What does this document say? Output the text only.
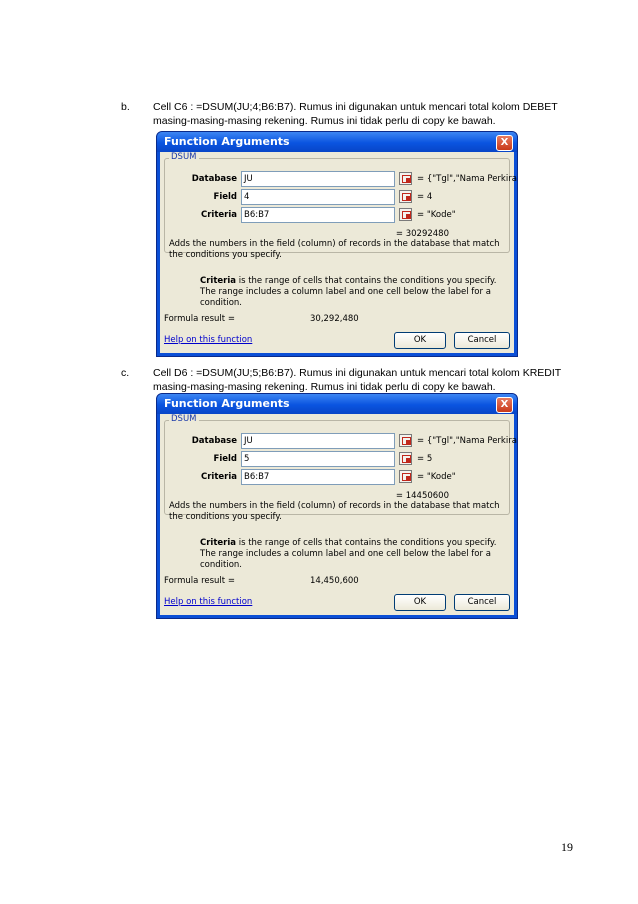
b. Cell C6 : =DSUM(JU;4;B6:B7). Rumus ini digunakan untuk mencari total kolom DEBET
masing-masing-masing rekening. Rumus ini tidak perlu di copy ke bawah.
Function Arguments	X
DSUM
Database JU	= {"Tgl","Nama Perkira
Field 4	= 4
Criteria B6:B7	= "Kode"
= 30292480
Adds the numbers in the field (column) of records in the database that match the conditions you specify.
Criteria is the range of cells that contains the conditions you specify. The range includes a column label and one cell below the label for a condition.
Formula result =	30,292,480
Help on this function	OK	Cancel
c. Cell D6 : =DSUM(JU;5;B6:B7). Rumus ini digunakan untuk mencari total kolom KREDIT
masing-masing-masing rekening. Rumus ini tidak perlu di copy ke bawah.
Function Arguments	X
DSUM
Database JU	= {"Tgl","Nama Perkira
Field 5	= 5
Criteria B6:B7	= "Kode"
= 14450600
Adds the numbers in the field (column) of records in the database that match the conditions you specify.
Criteria is the range of cells that contains the conditions you specify. The range includes a column label and one cell below the label for a condition.
Formula result =	14,450,600
Help on this function	OK	Cancel
19
